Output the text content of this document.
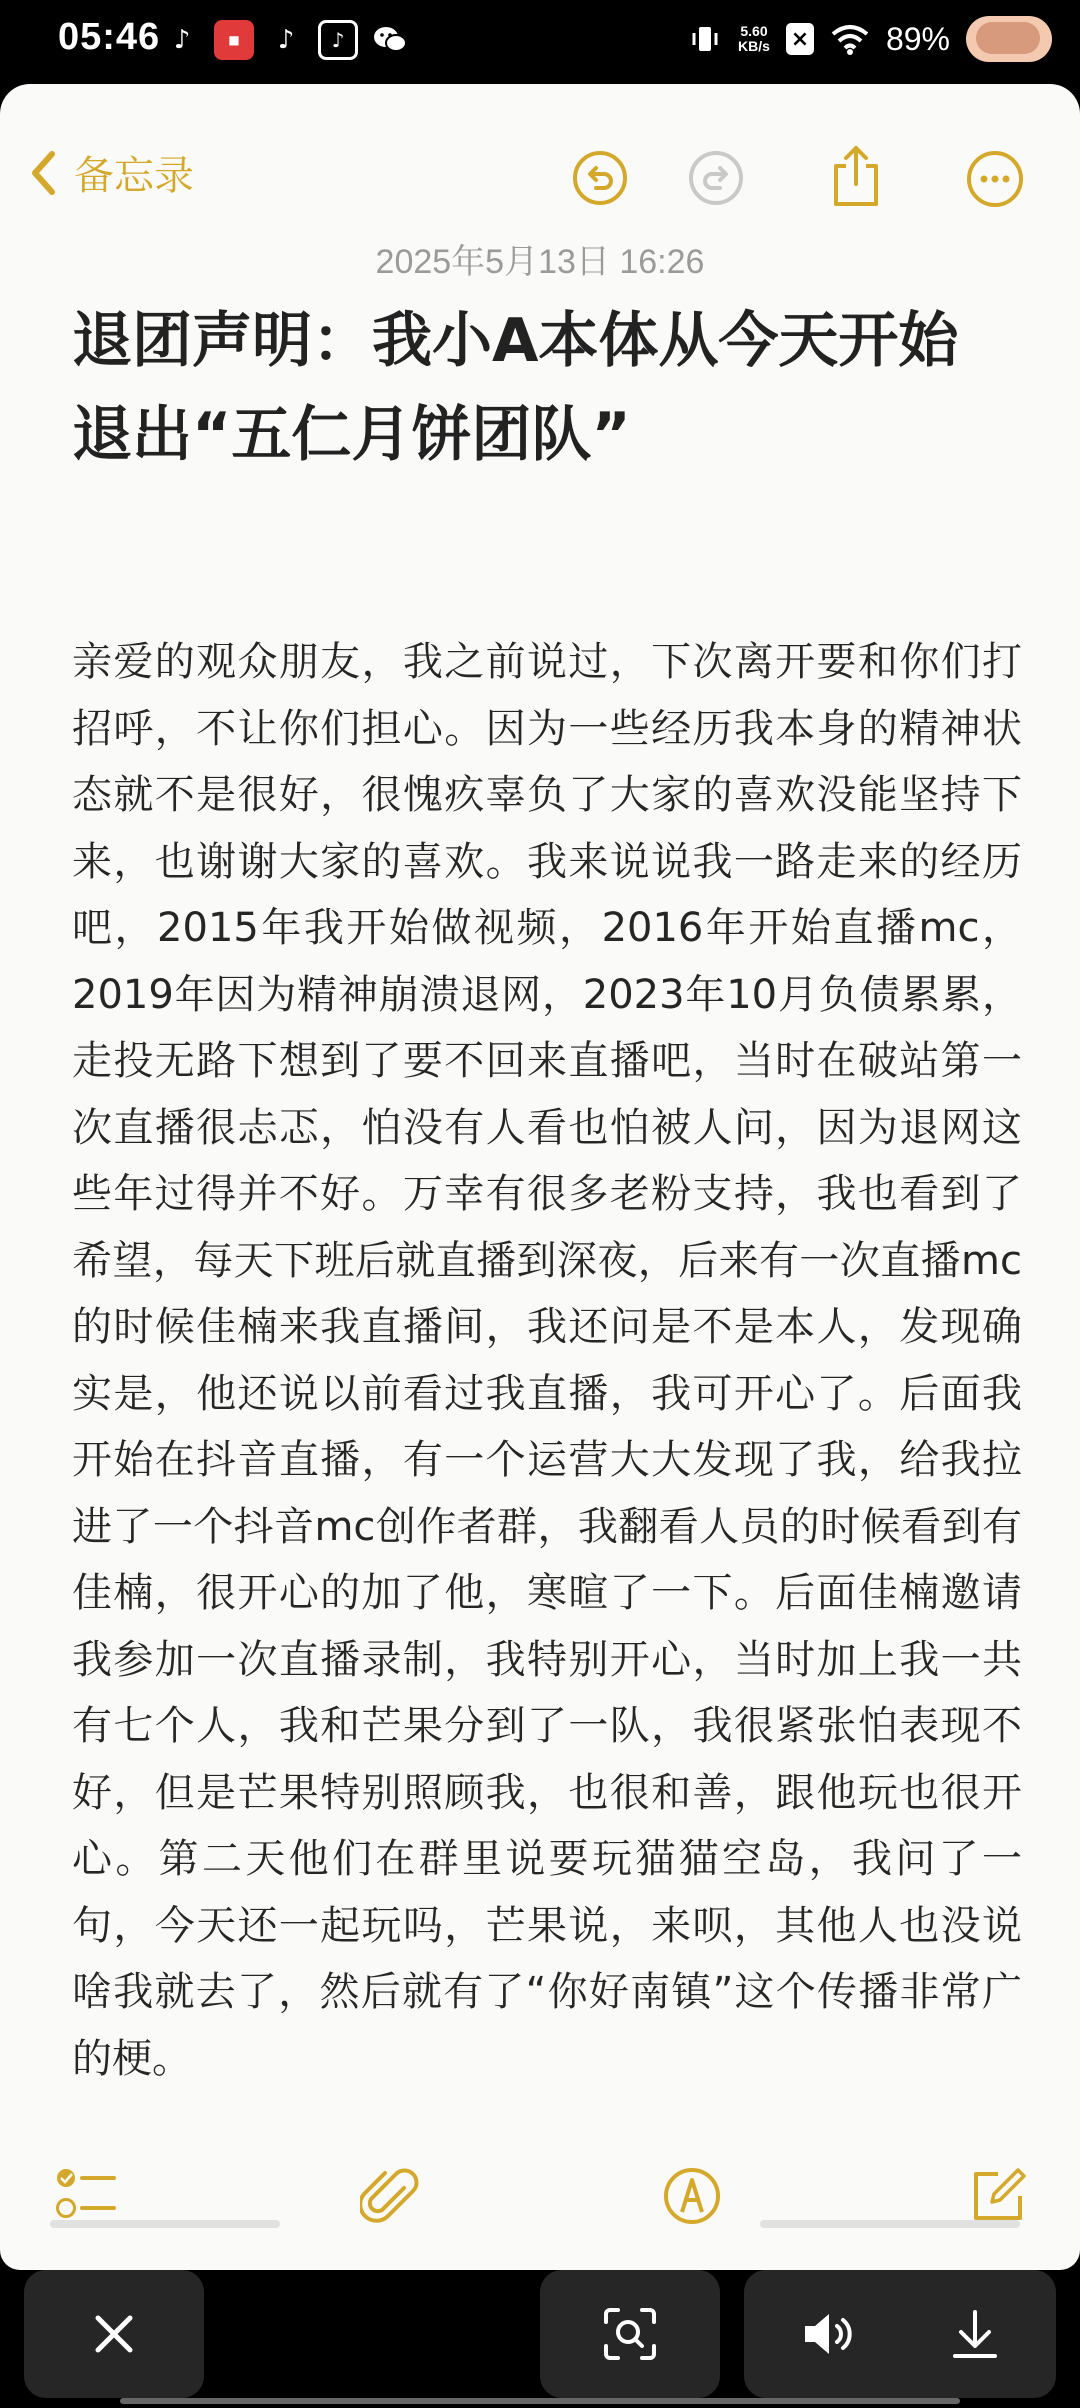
05:46 ♪	■	♪	♪	5.60
KB/s × 89%
备忘录
2025年5月13日 16:26
退团声明：我小A本体从今天开始退出“五仁月饼团队”
亲爱的观众朋友，我之前说过，下次离开要和你们打招呼，不让你们担心。因为一些经历我本身的精神状态就不是很好，很愧疚辜负了大家的喜欢没能坚持下来，也谢谢大家的喜欢。我来说说我一路走来的经历吧，2015年我开始做视频，2016年开始直播mc，2019年因为精神崩溃退网，2023年10月负债累累，走投无路下想到了要不回来直播吧，当时在破站第一次直播很忐忑，怕没有人看也怕被人问，因为退网这些年过得并不好。万幸有很多老粉支持，我也看到了希望，每天下班后就直播到深夜，后来有一次直播mc的时候佳楠来我直播间，我还问是不是本人，发现确实是，他还说以前看过我直播，我可开心了。后面我开始在抖音直播，有一个运营大大发现了我，给我拉进了一个抖音mc创作者群，我翻看人员的时候看到有佳楠，很开心的加了他，寒暄了一下。后面佳楠邀请我参加一次直播录制，我特别开心，当时加上我一共有七个人，我和芒果分到了一队，我很紧张怕表现不好，但是芒果特别照顾我，也很和善，跟他玩也很开心。第二天他们在群里说要玩猫猫空岛，我问了一句，今天还一起玩吗，芒果说，来呗，其他人也没说啥我就去了，然后就有了“你好南镇”这个传播非常广的梗。
